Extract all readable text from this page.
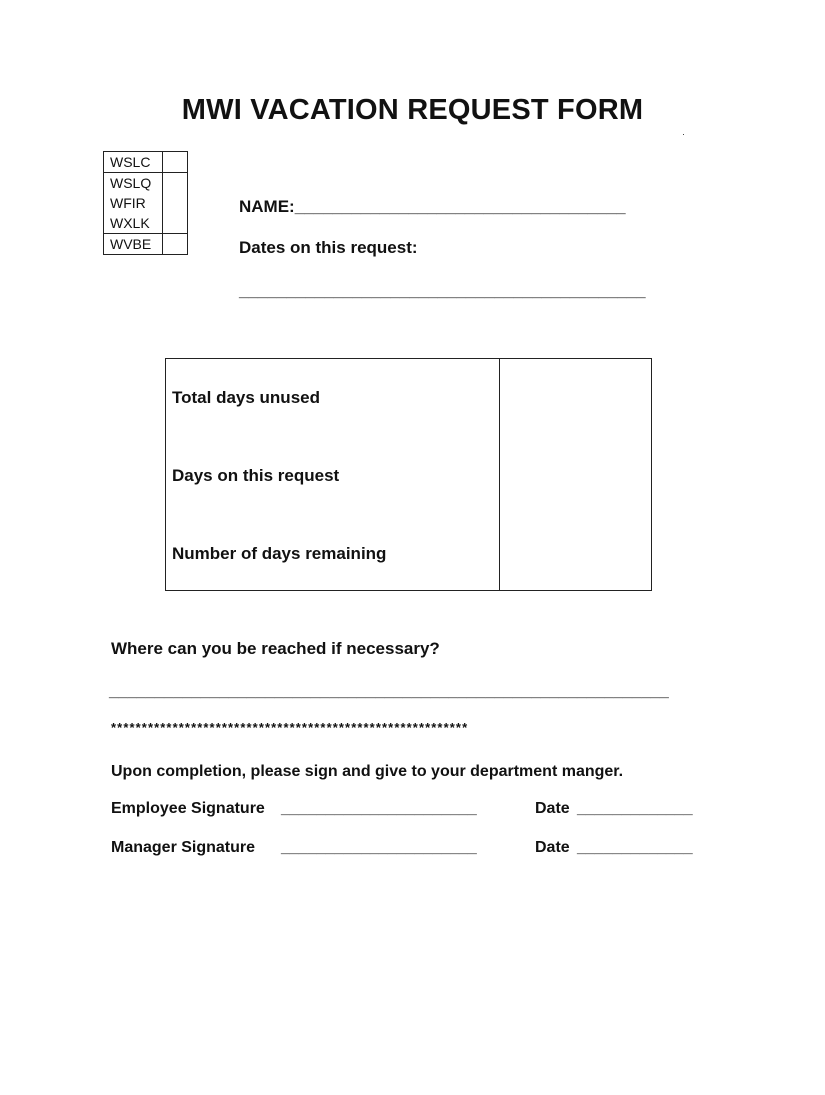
MWI VACATION REQUEST FORM
WSLC	
WSLQ	
WFIR	
WXLK	
WVBE	
NAME:___________________________________
Dates on this request:
___________________________________________
Total days unused
Days on this request
Number of days remaining
Where can you be reached if necessary?
_____________________________________________________________
**********************************************************
Upon completion, please sign and give to your department manger.
Employee Signature ______________________	Date _____________
Manager Signature ______________________	Date _____________
